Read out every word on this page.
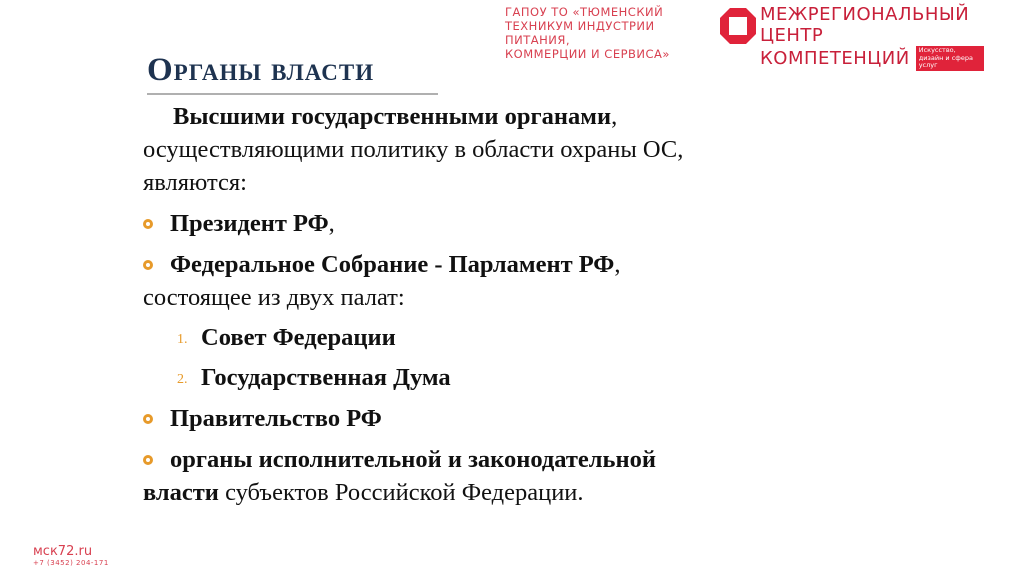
ГАПОУ ТО «ТЮМЕНСКИЙ
ТЕХНИКУМ ИНДУСТРИИ ПИТАНИЯ,
КОММЕРЦИИ И СЕРВИСА»
МЕЖРЕГИОНАЛЬНЫЙ ЦЕНТР
КОМПЕТЕНЦИЙ	Искусство, дизайн и сфера услуг
Органы власти
Высшими государственными органами,
осуществляющими политику в области охраны ОС,
являются:
Президент РФ,
Федеральное Собрание - Парламент РФ,
состоящее из двух палат:
1. Совет Федерации
2. Государственная Дума
Правительство РФ
органы исполнительной и законодательной
власти субъектов Российской Федерации.
мск72.ru
+7 (3452) 204-171
